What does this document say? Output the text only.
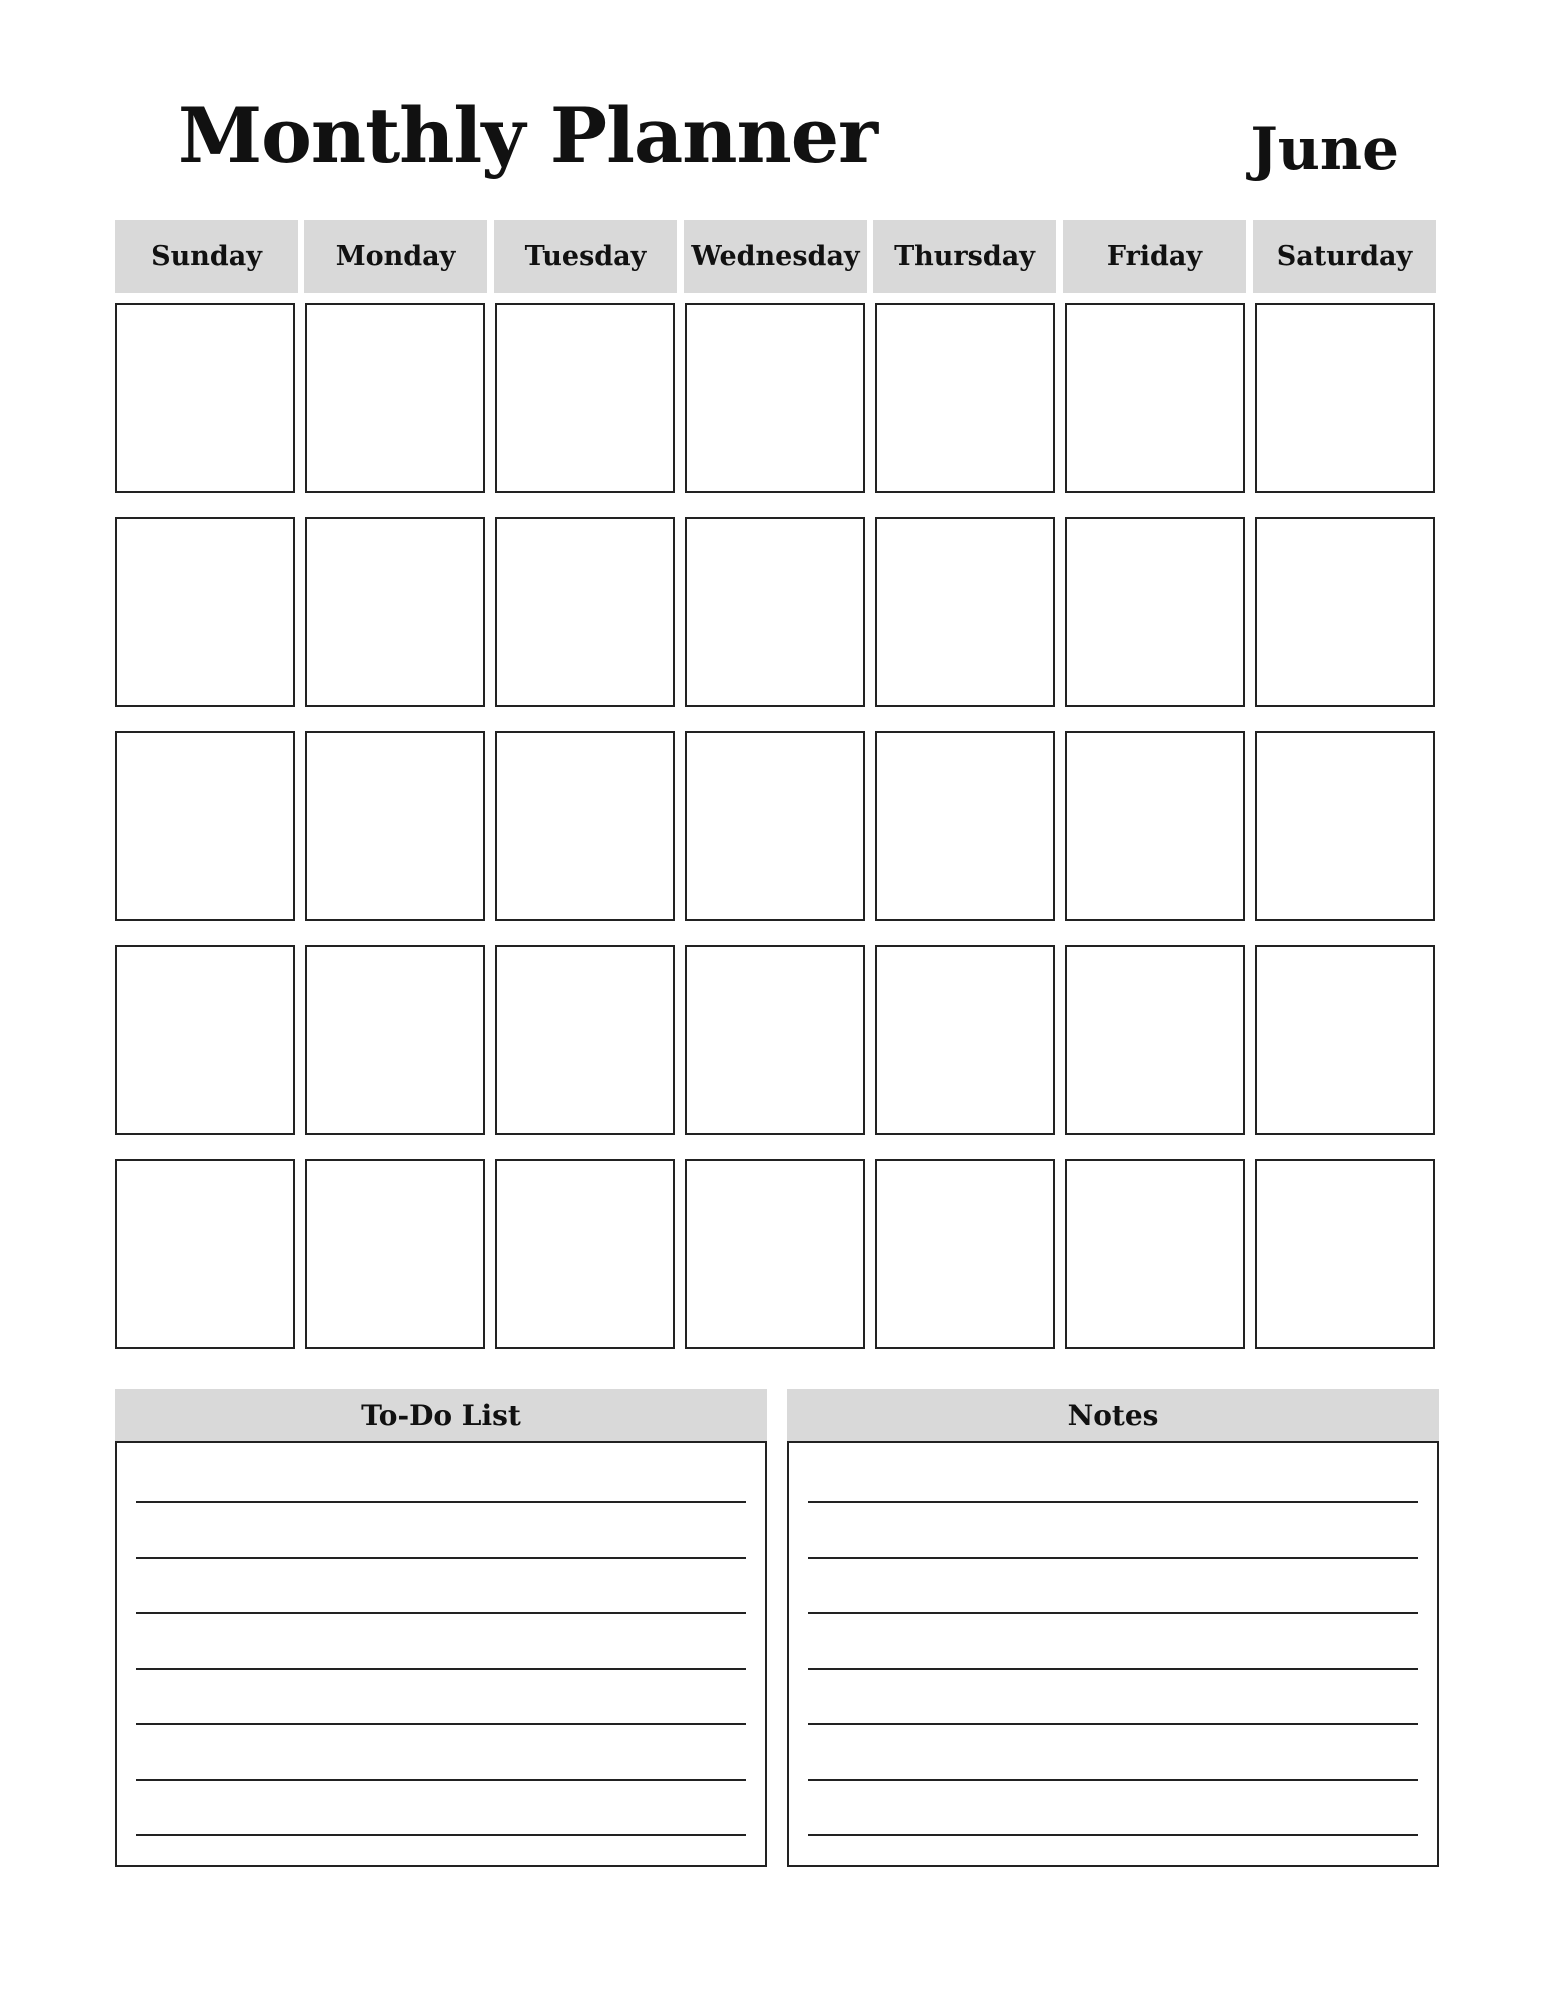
Monthly Planner	June
Sunday	Monday	Tuesday	Wednesday	Thursday	Friday	Saturday
To-Do List	Notes
